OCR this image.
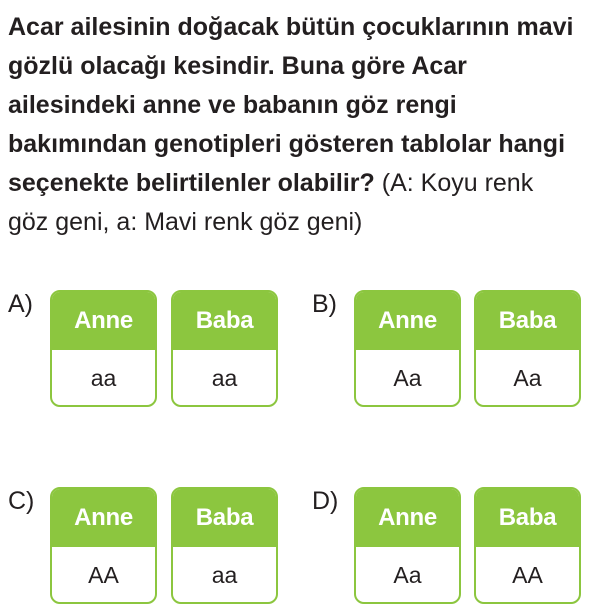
Acar ailesinin doğacak bütün çocuklarının mavi gözlü olacağı kesindir. Buna göre Acar ailesindeki anne ve babanın göz rengi bakımından genotipleri gösteren tablolar hangi seçenekte belirtilenler olabilir? (A: Koyu renk göz geni, a: Mavi renk göz geni)

A)
Anne
aa
Baba
aa
B)
Anne
Aa
Baba
Aa
C)
Anne
AA
Baba
aa
D)
Anne
Aa
Baba
AA
